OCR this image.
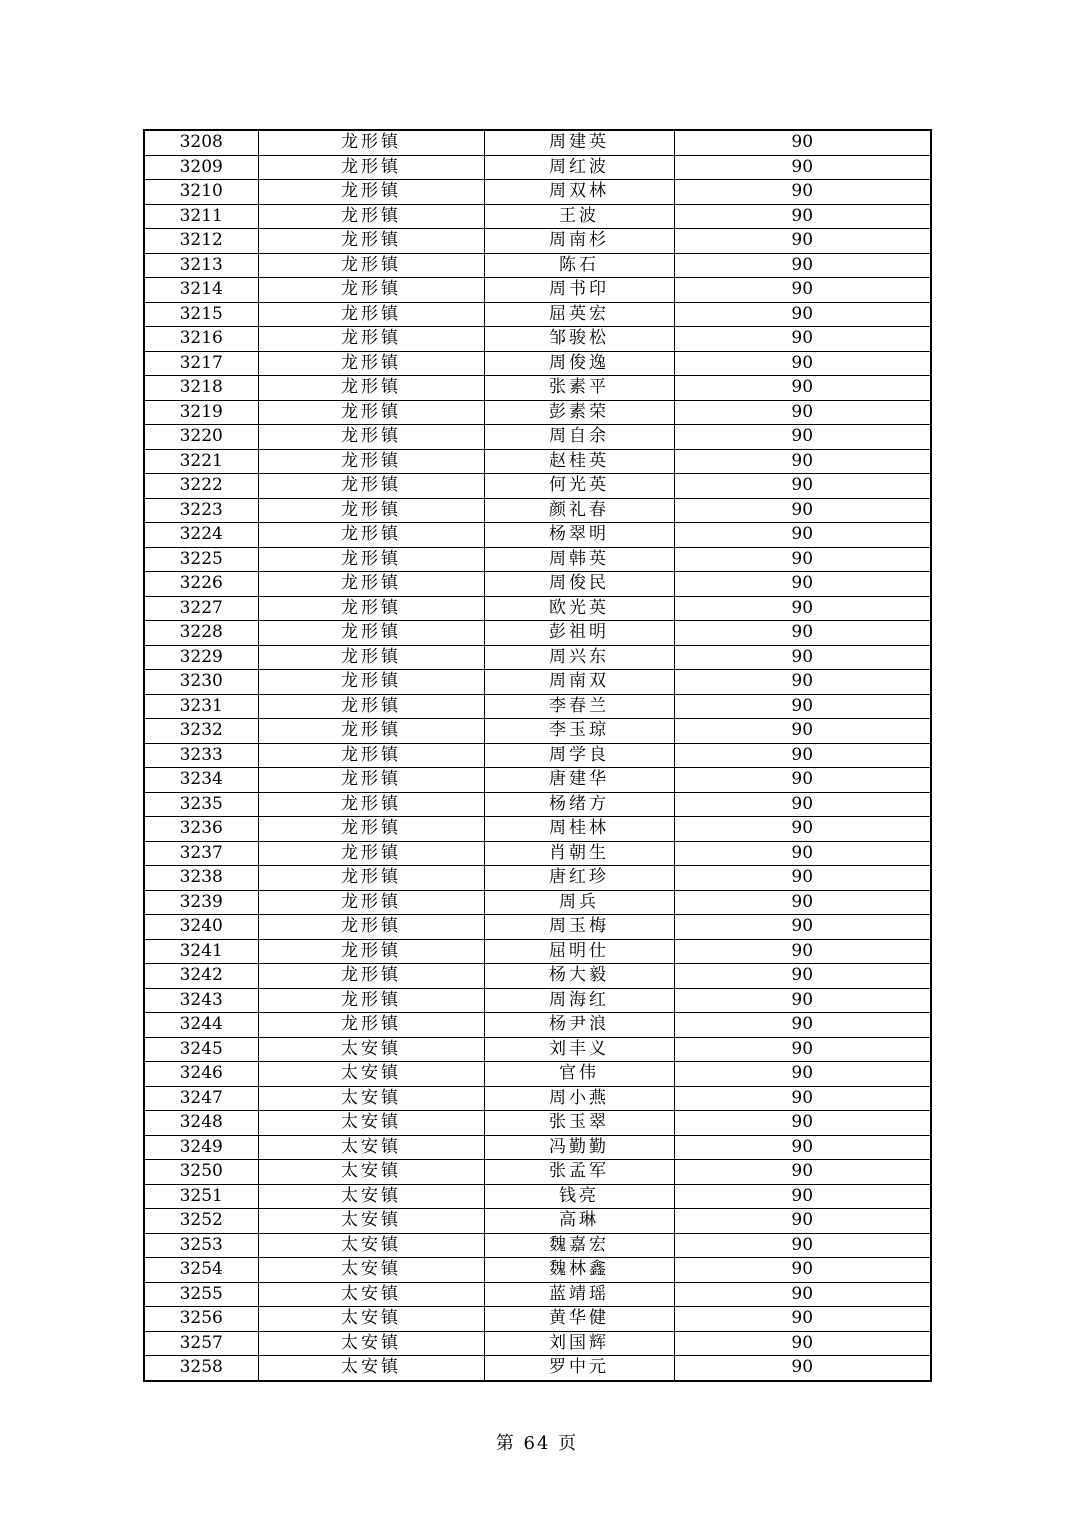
3208	龙形镇	周建英	90
3209	龙形镇	周红波	90
3210	龙形镇	周双林	90
3211	龙形镇	王波	90
3212	龙形镇	周南杉	90
3213	龙形镇	陈石	90
3214	龙形镇	周书印	90
3215	龙形镇	屈英宏	90
3216	龙形镇	邹骏松	90
3217	龙形镇	周俊逸	90
3218	龙形镇	张素平	90
3219	龙形镇	彭素荣	90
3220	龙形镇	周自余	90
3221	龙形镇	赵桂英	90
3222	龙形镇	何光英	90
3223	龙形镇	颜礼春	90
3224	龙形镇	杨翠明	90
3225	龙形镇	周韩英	90
3226	龙形镇	周俊民	90
3227	龙形镇	欧光英	90
3228	龙形镇	彭祖明	90
3229	龙形镇	周兴东	90
3230	龙形镇	周南双	90
3231	龙形镇	李春兰	90
3232	龙形镇	李玉琼	90
3233	龙形镇	周学良	90
3234	龙形镇	唐建华	90
3235	龙形镇	杨绪方	90
3236	龙形镇	周桂林	90
3237	龙形镇	肖朝生	90
3238	龙形镇	唐红珍	90
3239	龙形镇	周兵	90
3240	龙形镇	周玉梅	90
3241	龙形镇	屈明仕	90
3242	龙形镇	杨大毅	90
3243	龙形镇	周海红	90
3244	龙形镇	杨尹浪	90
3245	太安镇	刘丰义	90
3246	太安镇	官伟	90
3247	太安镇	周小燕	90
3248	太安镇	张玉翠	90
3249	太安镇	冯勤勤	90
3250	太安镇	张孟军	90
3251	太安镇	钱亮	90
3252	太安镇	高琳	90
3253	太安镇	魏嘉宏	90
3254	太安镇	魏林鑫	90
3255	太安镇	蓝靖瑶	90
3256	太安镇	黄华健	90
3257	太安镇	刘国辉	90
3258	太安镇	罗中元	90
第 64 页
